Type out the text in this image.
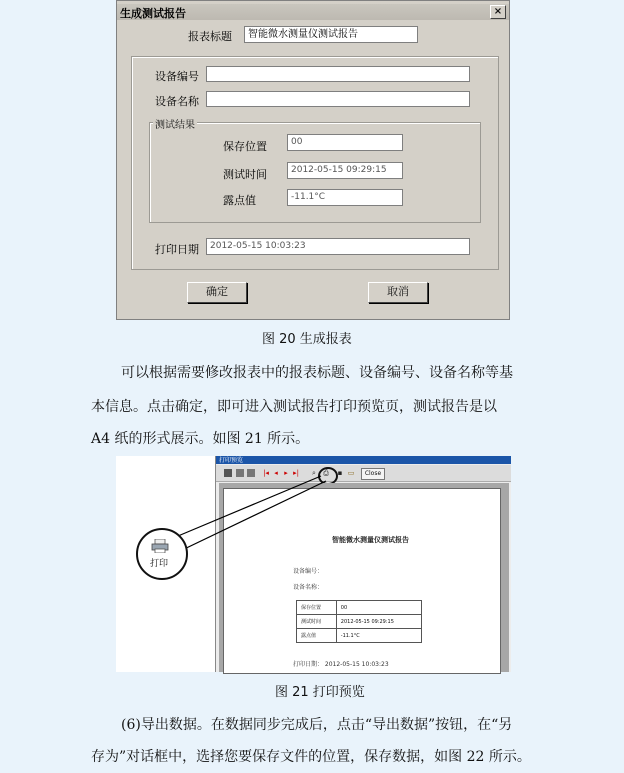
生成测试报告	×
报表标题	智能微水测量仪测试报告
设备编号
设备名称
测试结果
保存位置	00
测试时间	2012-05-15 09:29:15
露点值	-11.1°C
打印日期	2012-05-15 10:03:23
确定	取消
图 20 生成报表
可以根据需要修改报表中的报表标题、设备编号、设备名称等基
本信息。点击确定，即可进入测试报告打印预览页，测试报告是以
A4 纸的形式展示。如图 21 所示。
打印预览
|◂ ◂ ▸ ▸| ⌕ ⎙ ▪ ▭	Close
智能微水测量仪测试报告
设备编号：
设备名称：
保存位置	00
测试时间	2012-05-15 09:29:15
露点值	-11.1°C
打印日期： 2012-05-15 10:03:23
打印
图 21 打印预览
(6)导出数据。在数据同步完成后，点击“导出数据”按钮，在“另
存为”对话框中，选择您要保存文件的位置，保存数据，如图 22 所示。
